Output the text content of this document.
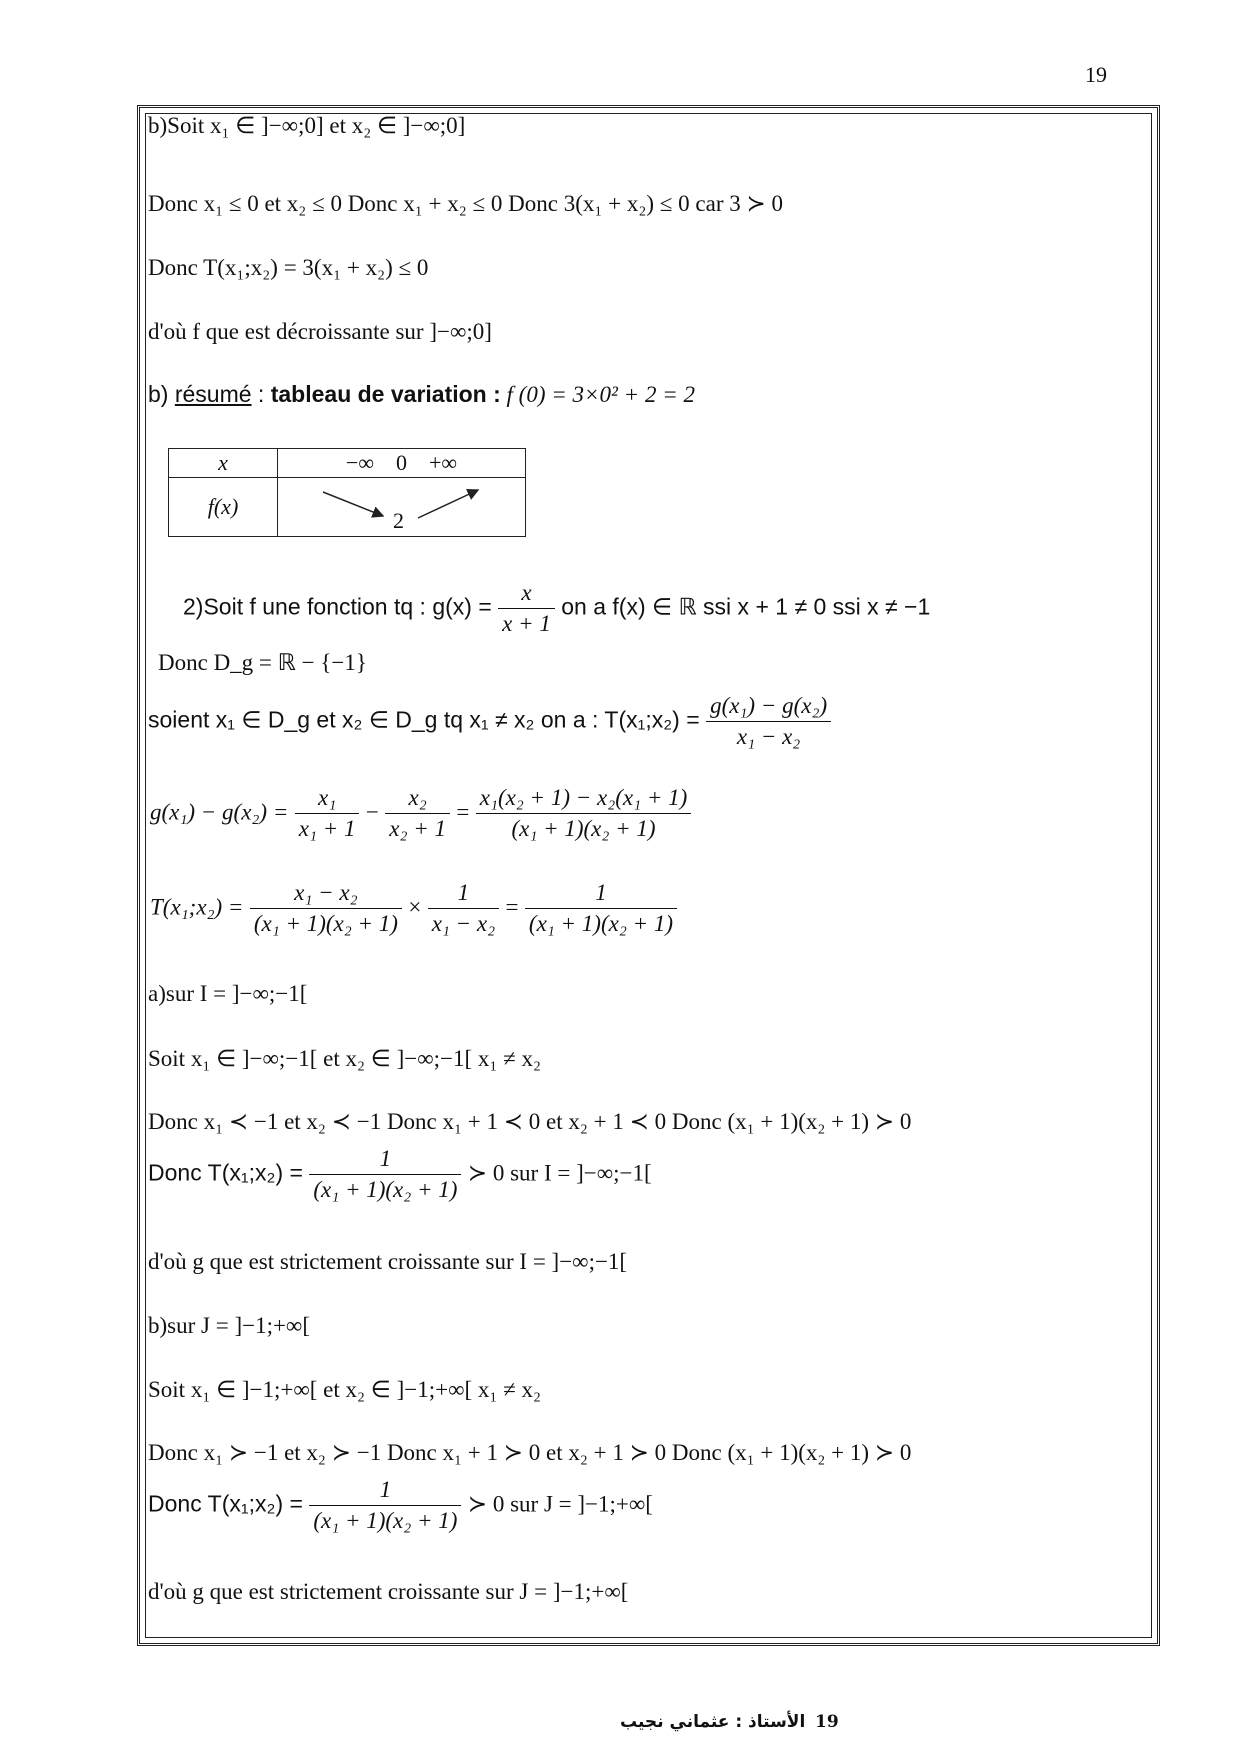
19
b)Soit x₁ ∈ ]−∞;0] et x₂ ∈ ]−∞;0]
Donc x₁ ≤ 0 et x₂ ≤ 0 Donc x₁ + x₂ ≤ 0 Donc 3(x₁ + x₂) ≤ 0 car 3 ≻ 0
Donc T(x₁;x₂) = 3(x₁ + x₂) ≤ 0
d'où f que est décroissante sur ]−∞;0]
b) résumé : tableau de variation : f (0) = 3×0² + 2 = 2
x	−∞    0    +∞
f(x)	2
2)Soit f une fonction tq : $g(x) = \frac{x}{x + 1}$ on a f(x) ∈ ℝ ssi x + 1 ≠ 0 ssi x ≠ −1
Donc D_g = ℝ − {−1}
soient x₁ ∈ D_g et x₂ ∈ D_g tq x₁ ≠ x₂ on a : T(x₁;x₂) = $\frac{\text{g(x₁) − g(x₂)}}{\text{x₁ − x₂}}$
$g(x_1) - g(x_2) = \frac{\text{x₁}}{\text{x₁ + 1}} - \frac{\text{x₂}}{\text{x₂ + 1}} = \frac{\text{x₁(x₂ + 1) − x₂(x₁ + 1)}}{\text{(x₁ + 1)(x₂ + 1)}}$
T(x₁;x₂) = $\frac{\text{x₁ − x₂}}{\text{(x₁ + 1)(x₂ + 1)}} \times \frac{1}{\text{x₁ − x₂}} = \frac{1}{\text{(x₁ + 1)(x₂ + 1)}}$
a)sur I = ]−∞;−1[
Soit x₁ ∈ ]−∞;−1[ et x₂ ∈ ]−∞;−1[ x₁ ≠ x₂
Donc x₁ ≺ −1 et x₂ ≺ −1 Donc x₁ + 1 ≺ 0 et x₂ + 1 ≺ 0 Donc (x₁ + 1)(x₂ + 1) ≻ 0
Donc T(x₁;x₂) = $\frac{1}{\text{(x₁ + 1)(x₂ + 1)}}$ ≻ 0 sur I = ]−∞;−1[
d'où g que est strictement croissante sur I = ]−∞;−1[
b)sur J = ]−1;+∞[
Soit x₁ ∈ ]−1;+∞[ et x₂ ∈ ]−1;+∞[ x₁ ≠ x₂
Donc x₁ ≻ −1 et x₂ ≻ −1 Donc x₁ + 1 ≻ 0 et x₂ + 1 ≻ 0 Donc (x₁ + 1)(x₂ + 1) ≻ 0
Donc T(x₁;x₂) = $\frac{1}{\text{(x₁ + 1)(x₂ + 1)}}$ ≻ 0 sur J = ]−1;+∞[
d'où g que est strictement croissante sur J = ]−1;+∞[
الأستاذ : عثماني نجيب 19
